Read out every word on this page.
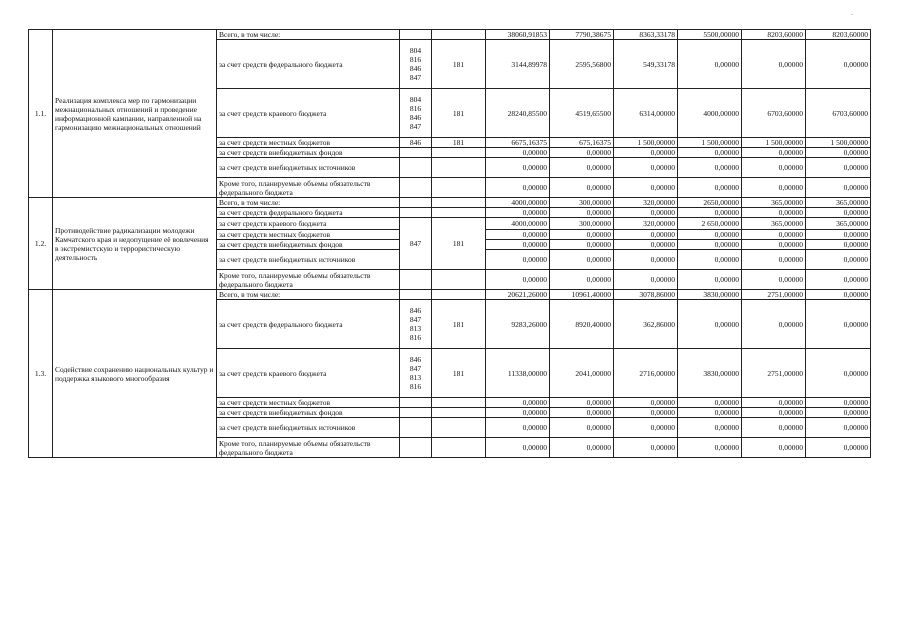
.
1.1.	Реализация комплекса мер по гармонизации межнациональных отношений и проведение информационной кампании, направленной на гармонизацию межнациональных отношений	Всего, в том числе:			38060,91853	7790,38675	8363,33178	5500,00000	8203,60000	8203,60000
		за счет средств федерального бюджета	804
816
846
847	181	3144,89978	2595,56800	549,33178	0,00000	0,00000	0,00000
		за счет средств краевого бюджета	804
816
846
847	181	28240,85500	4519,65500	6314,00000	4000,00000	6703,60000	6703,60000
		за счет средств местных бюджетов	846	181	6675,16375	675,16375	1 500,00000	1 500,00000	1 500,00000	1 500,00000
		за счет средств внебюджетных фондов			0,00000	0,00000	0,00000	0,00000	0,00000	0,00000
		за счет средств внебюджетных источников			0,00000	0,00000	0,00000	0,00000	0,00000	0,00000
		Кроме того, планируемые объемы обязательств федерального бюджета			0,00000	0,00000	0,00000	0,00000	0,00000	0,00000
1.2.	Противодействие радикализации молодежи Камчатского края и недопущение её вовлечения в экстремистскую и террористическую деятельность	Всего, в том числе:			4000,00000	300,00000	320,00000	2650,00000	365,00000	365,00000
		за счет средств федерального бюджета			0,00000	0,00000	0,00000	0,00000	0,00000	0,00000
		за счет средств краевого бюджета	847	181	4000,00000	300,00000	320,00000	2 650,00000	365,00000	365,00000
		за счет средств местных бюджетов			0,00000	0,00000	0,00000	0,00000	0,00000	0,00000
		за счет средств внебюджетных фондов			0,00000	0,00000	0,00000	0,00000	0,00000	0,00000
		за счет средств внебюджетных источников			0,00000	0,00000	0,00000	0,00000	0,00000	0,00000
		Кроме того, планируемые объемы обязательств федерального бюджета			0,00000	0,00000	0,00000	0,00000	0,00000	0,00000
1.3.	Содействие сохранению национальных культур и поддержка языкового многообразия	Всего, в том числе:			20621,26000	10961,40000	3078,86000	3830,00000	2751,00000	0,00000
		за счет средств федерального бюджета	846
847
813
816	181	9283,26000	8920,40000	362,86000	0,00000	0,00000	0,00000
		за счет средств краевого бюджета	846
847
813
816	181	11338,00000	2041,00000	2716,00000	3830,00000	2751,00000	0,00000
		за счет средств местных бюджетов			0,00000	0,00000	0,00000	0,00000	0,00000	0,00000
		за счет средств внебюджетных фондов			0,00000	0,00000	0,00000	0,00000	0,00000	0,00000
		за счет средств внебюджетных источников			0,00000	0,00000	0,00000	0,00000	0,00000	0,00000
		Кроме того, планируемые объемы обязательств федерального бюджета			0,00000	0,00000	0,00000	0,00000	0,00000	0,00000
